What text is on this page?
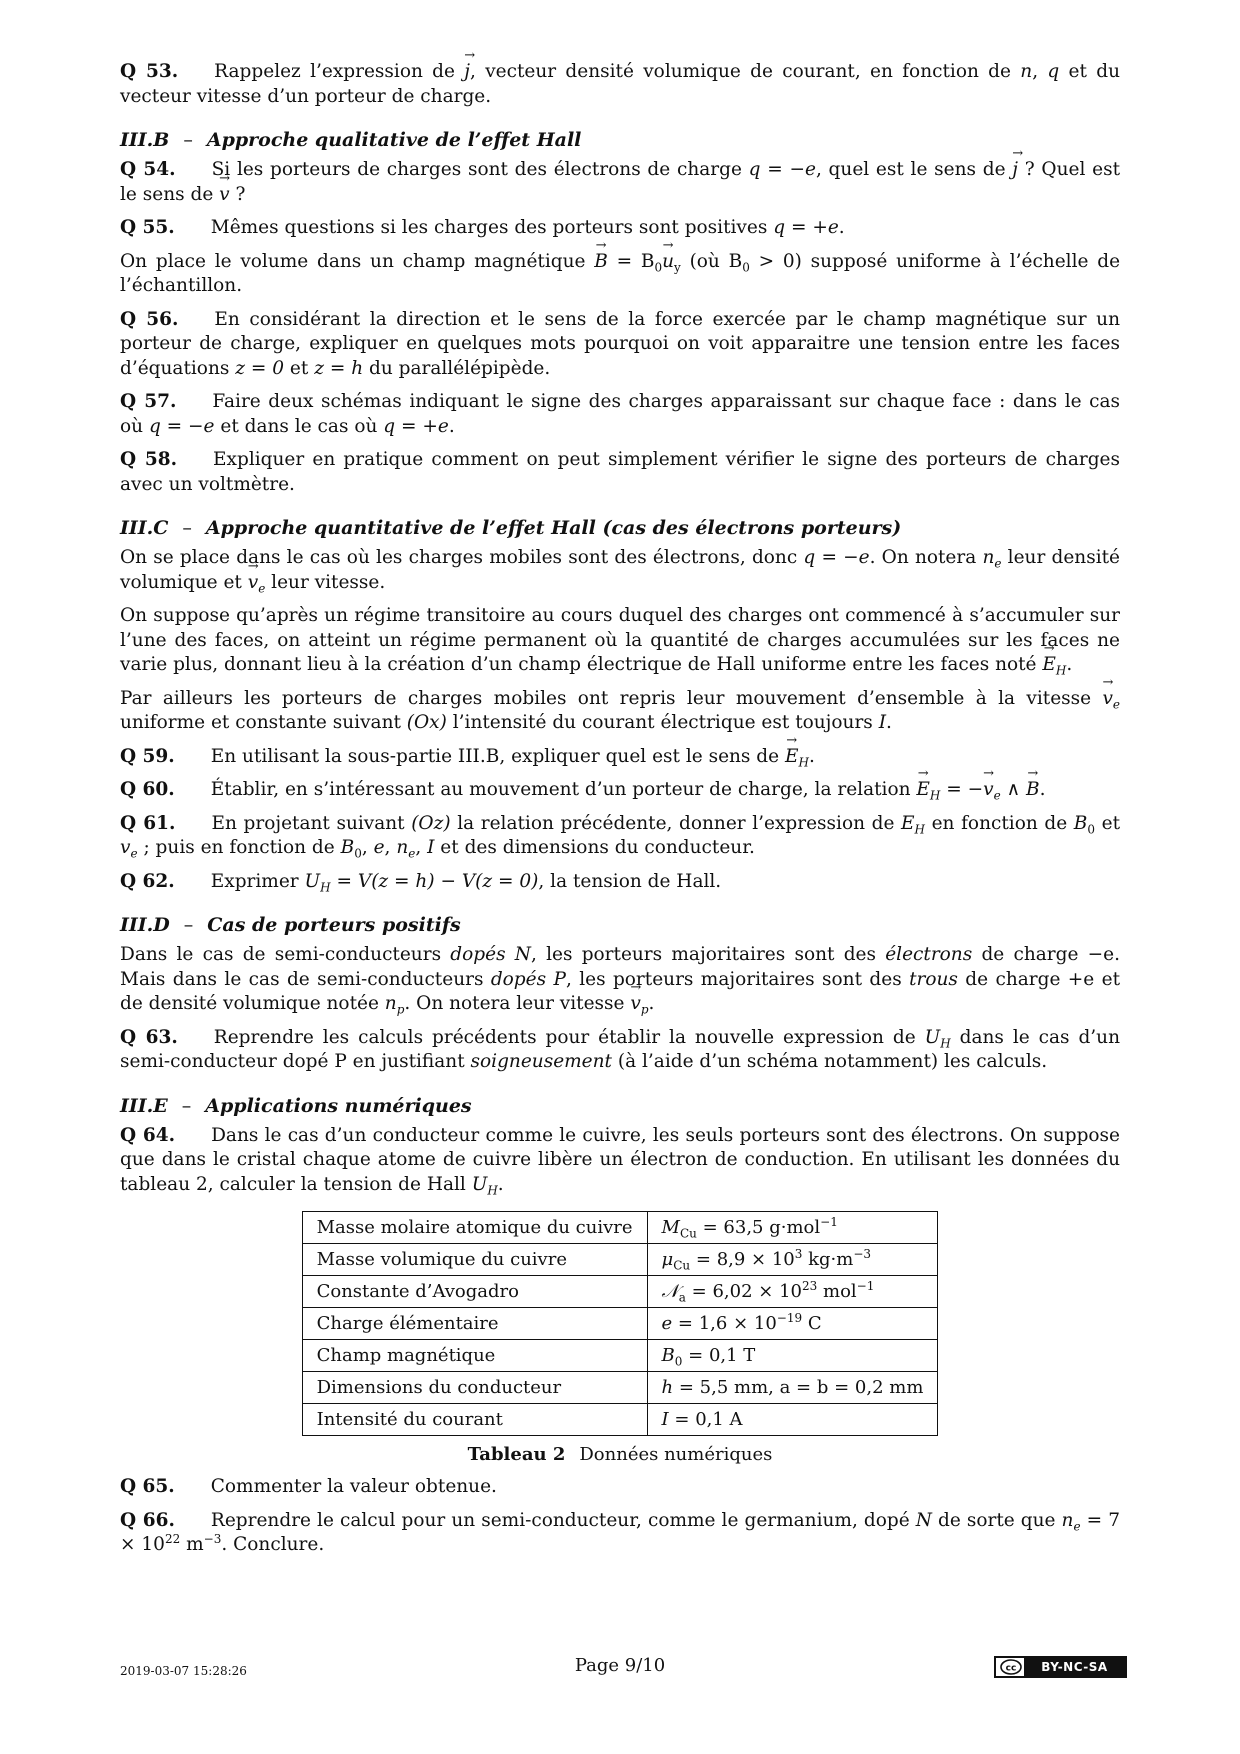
Q 53. Rappelez l’expression de → j, vecteur densité volumique de courant, en fonction de n, q et du vecteur vitesse d’un porteur de charge.

III.B – Approche qualitative de l’effet Hall

Q 54. Si les porteurs de charges sont des électrons de charge q = −e, quel est le sens de → j ? Quel est le sens de → v ?

Q 55. Mêmes questions si les charges des porteurs sont positives q = +e.

On place le volume dans un champ magnétique → $B = B_0\to u_y$ (où $B_0 > 0$) supposé uniforme à l’échelle de l’échantillon.

Q 56. En considérant la direction et le sens de la force exercée par le champ magnétique sur un porteur de charge, expliquer en quelques mots pourquoi on voit apparaitre une tension entre les faces d’équations z = 0 et z = h du parallélépipède.

Q 57. Faire deux schémas indiquant le signe des charges apparaissant sur chaque face : dans le cas où q = −e et dans le cas où q = +e.

Q 58. Expliquer en pratique comment on peut simplement vérifier le signe des porteurs de charges avec un voltmètre.

III.C – Approche quantitative de l’effet Hall (cas des électrons porteurs)

On se place dans le cas où les charges mobiles sont des électrons, donc q = −e. On notera $n_e$ leur densité volumique et → $v_e$ leur vitesse.

On suppose qu’après un régime transitoire au cours duquel des charges ont commencé à s’accumuler sur l’une des faces, on atteint un régime permanent où la quantité de charges accumulées sur les faces ne varie plus, donnant lieu à la création d’un champ électrique de Hall uniforme entre les faces noté → $E_H$.

Par ailleurs les porteurs de charges mobiles ont repris leur mouvement d’ensemble à la vitesse → $v_e$ uniforme et constante suivant (Ox) l’intensité du courant électrique est toujours I.

Q 59. En utilisant la sous-partie III.B, expliquer quel est le sens de → $E_H$.

Q 60. Établir, en s’intéressant au mouvement d’un porteur de charge, la relation → $E_H$ = −→ $v_e$ ∧ → B.

Q 61. En projetant suivant (Oz) la relation précédente, donner l’expression de $E_H$ en fonction de $B_0$ et $v_e$ ; puis en fonction de $B_0$, e, $n_e$, I et des dimensions du conducteur.

Q 62. Exprimer $U_H = V(z = h) - V(z = 0)$, la tension de Hall.

III.D – Cas de porteurs positifs

Dans le cas de semi-conducteurs dopés N, les porteurs majoritaires sont des électrons de charge −e. Mais dans le cas de semi-conducteurs dopés P, les porteurs majoritaires sont des trous de charge +e et de densité volumique notée $n_p$. On notera leur vitesse → $v_p$.

Q 63. Reprendre les calculs précédents pour établir la nouvelle expression de $U_H$ dans le cas d’un semi-conducteur dopé P en justifiant soigneusement (à l’aide d’un schéma notamment) les calculs.

III.E – Applications numériques

Q 64. Dans le cas d’un conducteur comme le cuivre, les seuls porteurs sont des électrons. On suppose que dans le cristal chaque atome de cuivre libère un électron de conduction. En utilisant les données du tableau 2, calculer la tension de Hall $U_H$.

Masse molaire atomique du cuivre	$M_{Cu} = 63,5$ g·mol$^{-1}$
Masse volumique du cuivre	$\mu_{Cu} = 8,9 \times 10^3$ $kg\cdot m^{-3}$
Constante d’Avogadro	𝒩$_a$ = $6,02 \times 10^{23}$ mol$^{-1}$
Charge élémentaire	$e = 1,6 \times 10^{-19}$ C
Champ magnétique	$B_0 = 0,1$ T
Dimensions du conducteur	h = 5,5 mm, a = b = 0,2 mm
Intensité du courant	I = 0,1 A
Tableau 2 Données numériques

Q 65. Commenter la valeur obtenue.

Q 66. Reprendre le calcul pour un semi-conducteur, comme le germanium, dopé N de sorte que $n_e = 7 \times 10^{22}$ $m^{-3}$. Conclure.

2019-03-07 15:28:26	Page 9/10	cc	BY-NC-SA
